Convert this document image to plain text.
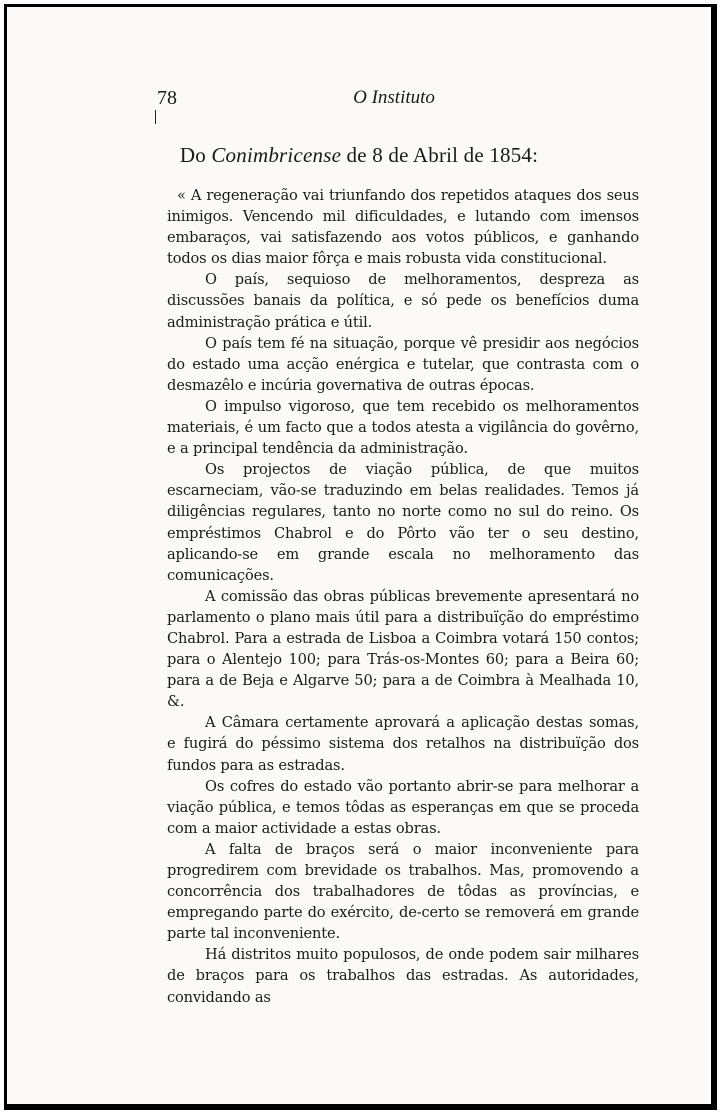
78	O Instituto
Do Conimbricense de 8 de Abril de 1854:

« A regeneração vai triunfando dos repetidos ataques dos seus inimigos. Vencendo mil dificuldades, e lutando com imensos embaraços, vai satisfazendo aos votos públicos, e ganhando todos os dias maior fôrça e mais robusta vida constitucional.

O país, sequioso de melhoramentos, despreza as discussões banais da política, e só pede os benefícios duma administração prática e útil.

O país tem fé na situação, porque vê presidir aos negócios do estado uma acção enérgica e tutelar, que contrasta com o desmazêlo e incúria governativa de outras épocas.

O impulso vigoroso, que tem recebido os melhoramentos materiais, é um facto que a todos atesta a vigilância do govêrno, e a principal tendência da administração.

Os projectos de viação pública, de que muitos escarneciam, vão-se traduzindo em belas realidades. Temos já diligências regulares, tanto no norte como no sul do reino. Os empréstimos Chabrol e do Pôrto vão ter o seu destino, aplicando-se em grande escala no melhoramento das comunicações.

A comissão das obras públicas brevemente apresentará no parlamento o plano mais útil para a distribuïção do empréstimo Chabrol. Para a estrada de Lisboa a Coimbra votará 150 contos; para o Alentejo 100; para Trás-os-Montes 60; para a Beira 60; para a de Beja e Algarve 50; para a de Coimbra à Mealhada 10, &.

A Câmara certamente aprovará a aplicação destas somas, e fugirá do péssimo sistema dos retalhos na distribuïção dos fundos para as estradas.

Os cofres do estado vão portanto abrir-se para melhorar a viação pública, e temos tôdas as esperanças em que se proceda com a maior actividade a estas obras.

A falta de braços será o maior inconveniente para progredirem com brevidade os trabalhos. Mas, promovendo a concorrência dos trabalhadores de tôdas as províncias, e empregando parte do exército, de-certo se removerá em grande parte tal inconveniente.

Há distritos muito populosos, de onde podem sair milhares de braços para os trabalhos das estradas. As autoridades, convidando as
